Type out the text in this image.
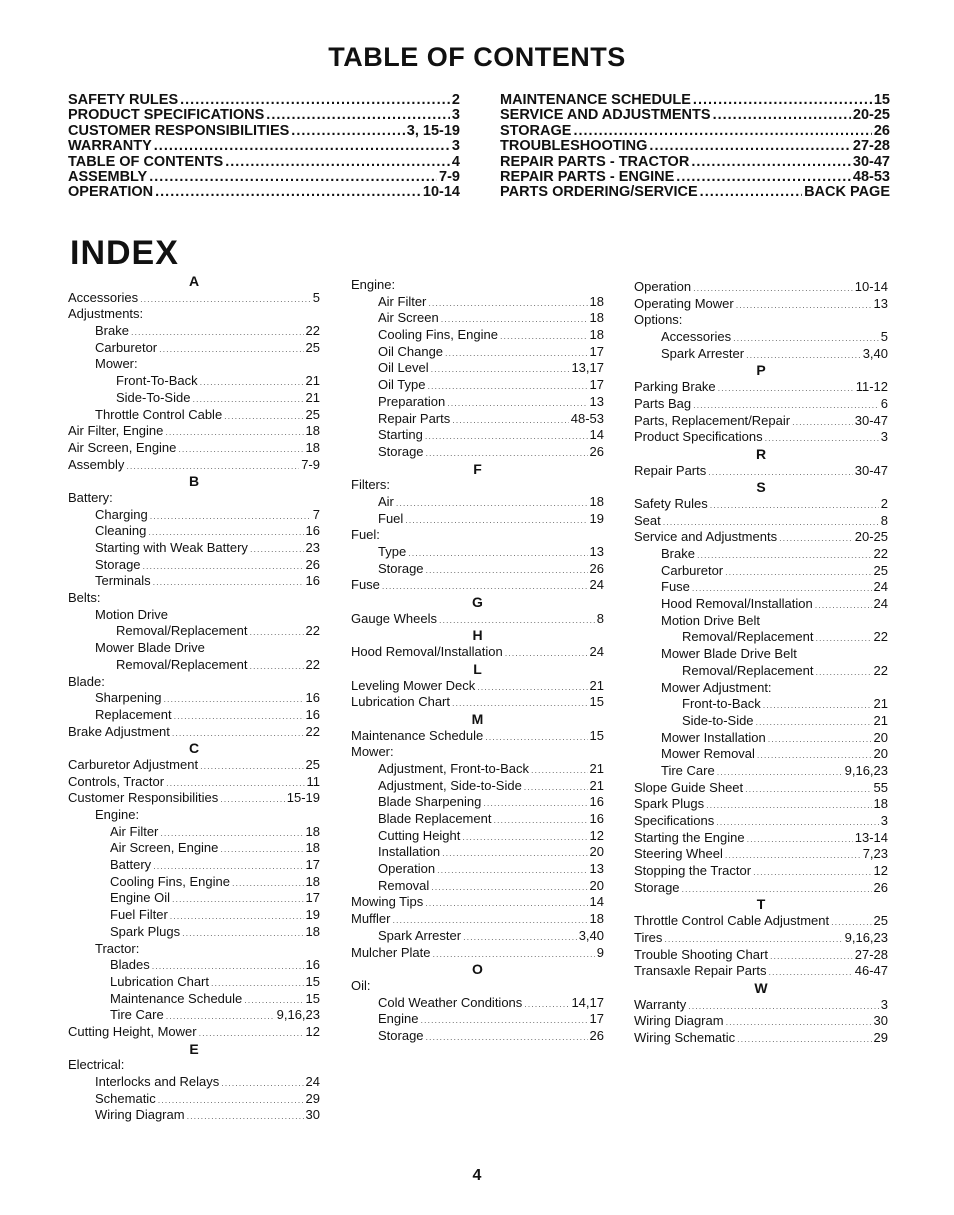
TABLE OF CONTENTS
SAFETY RULES .....	2
PRODUCT SPECIFICATIONS .....	3
CUSTOMER RESPONSIBILITIES .....	3, 15-19
WARRANTY .....	3
TABLE OF CONTENTS .....	4
ASSEMBLY .....	7-9
OPERATION .....	10-14
MAINTENANCE SCHEDULE .....	15
SERVICE AND ADJUSTMENTS .....	20-25
STORAGE .....	26
TROUBLESHOOTING .....	27-28
REPAIR PARTS - TRACTOR .....	30-47
REPAIR PARTS - ENGINE .....	48-53
PARTS ORDERING/SERVICE .....	BACK PAGE
INDEX
A
Accessories .....	5
Adjustments:
Brake .....	22
Carburetor .....	25
Mower:
Front-To-Back .....	21
Side-To-Side .....	21
Throttle Control Cable .....	25
Air Filter, Engine .....	18
Air Screen, Engine .....	18
Assembly .....	7-9
B
Battery:
Charging .....	7
Cleaning .....	16
Starting with Weak Battery .....	23
Storage .....	26
Terminals .....	16
Belts:
Motion Drive
Removal/Replacement .....	22
Mower Blade Drive
Removal/Replacement .....	22
Blade:
Sharpening .....	16
Replacement .....	16
Brake Adjustment .....	22
C
Carburetor Adjustment .....	25
Controls, Tractor .....	11
Customer Responsibilities .....	15-19
Engine:
Air Filter .....	18
Air Screen, Engine .....	18
Battery .....	17
Cooling Fins, Engine .....	18
Engine Oil .....	17
Fuel Filter .....	19
Spark Plugs .....	18
Tractor:
Blades .....	16
Lubrication Chart .....	15
Maintenance Schedule .....	15
Tire Care .....	9,16,23
Cutting Height, Mower .....	12
E
Electrical:
Interlocks and Relays .....	24
Schematic .....	29
Wiring Diagram .....	30
Engine:
Air Filter .....	18
Air Screen .....	18
Cooling Fins, Engine .....	18
Oil Change .....	17
Oil Level .....	13,17
Oil Type .....	17
Preparation .....	13
Repair Parts .....	48-53
Starting .....	14
Storage .....	26
F
Filters:
Air .....	18
Fuel .....	19
Fuel:
Type .....	13
Storage .....	26
Fuse .....	24
G
Gauge Wheels .....	8
H
Hood Removal/Installation .....	24
L
Leveling Mower Deck .....	21
Lubrication Chart .....	15
M
Maintenance Schedule .....	15
Mower:
Adjustment, Front-to-Back .....	21
Adjustment, Side-to-Side .....	21
Blade Sharpening .....	16
Blade Replacement .....	16
Cutting Height .....	12
Installation .....	20
Operation .....	13
Removal .....	20
Mowing Tips .....	14
Muffler .....	18
Spark Arrester .....	3,40
Mulcher Plate .....	9
O
Oil:
Cold Weather Conditions .....	14,17
Engine .....	17
Storage .....	26
Operation .....	10-14
Operating Mower .....	13
Options:
Accessories .....	5
Spark Arrester .....	3,40
P
Parking Brake .....	11-12
Parts Bag .....	6
Parts, Replacement/Repair .....	30-47
Product Specifications .....	3
R
Repair Parts .....	30-47
S
Safety Rules .....	2
Seat .....	8
Service and Adjustments .....	20-25
Brake .....	22
Carburetor .....	25
Fuse .....	24
Hood Removal/Installation .....	24
Motion Drive Belt
Removal/Replacement .....	22
Mower Blade Drive Belt
Removal/Replacement .....	22
Mower Adjustment:
Front-to-Back .....	21
Side-to-Side .....	21
Mower Installation .....	20
Mower Removal .....	20
Tire Care .....	9,16,23
Slope Guide Sheet .....	55
Spark Plugs .....	18
Specifications .....	3
Starting the Engine .....	13-14
Steering Wheel .....	7,23
Stopping the Tractor .....	12
Storage .....	26
T
Throttle Control Cable Adjustment .....	25
Tires .....	9,16,23
Trouble Shooting Chart .....	27-28
Transaxle Repair Parts .....	46-47
W
Warranty .....	3
Wiring Diagram .....	30
Wiring Schematic .....	29
4
